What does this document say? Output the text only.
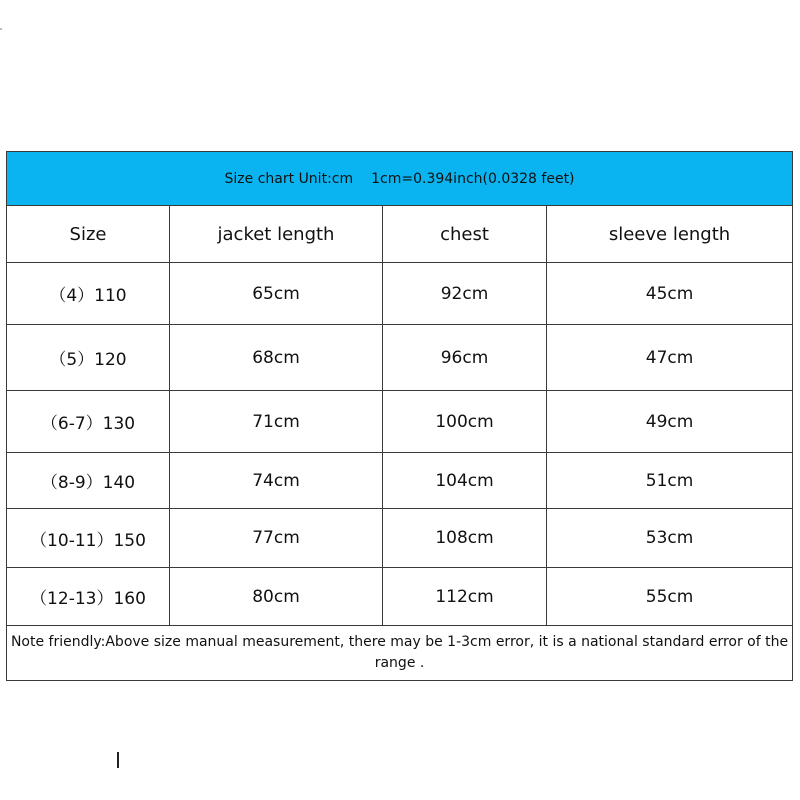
Size chart Unit:cm 1cm=0.394inch(0.0328 feet)			
Size	jacket length	chest	sleeve length
（4）110	65cm	92cm	45cm
（5）120	68cm	96cm	47cm
（6-7）130	71cm	100cm	49cm
（8-9）140	74cm	104cm	51cm
（10-11）150	77cm	108cm	53cm
（12-13）160	80cm	112cm	55cm
Note friendly:Above size manual measurement, there may be 1-3cm error, it is a national standard error of the range .			
